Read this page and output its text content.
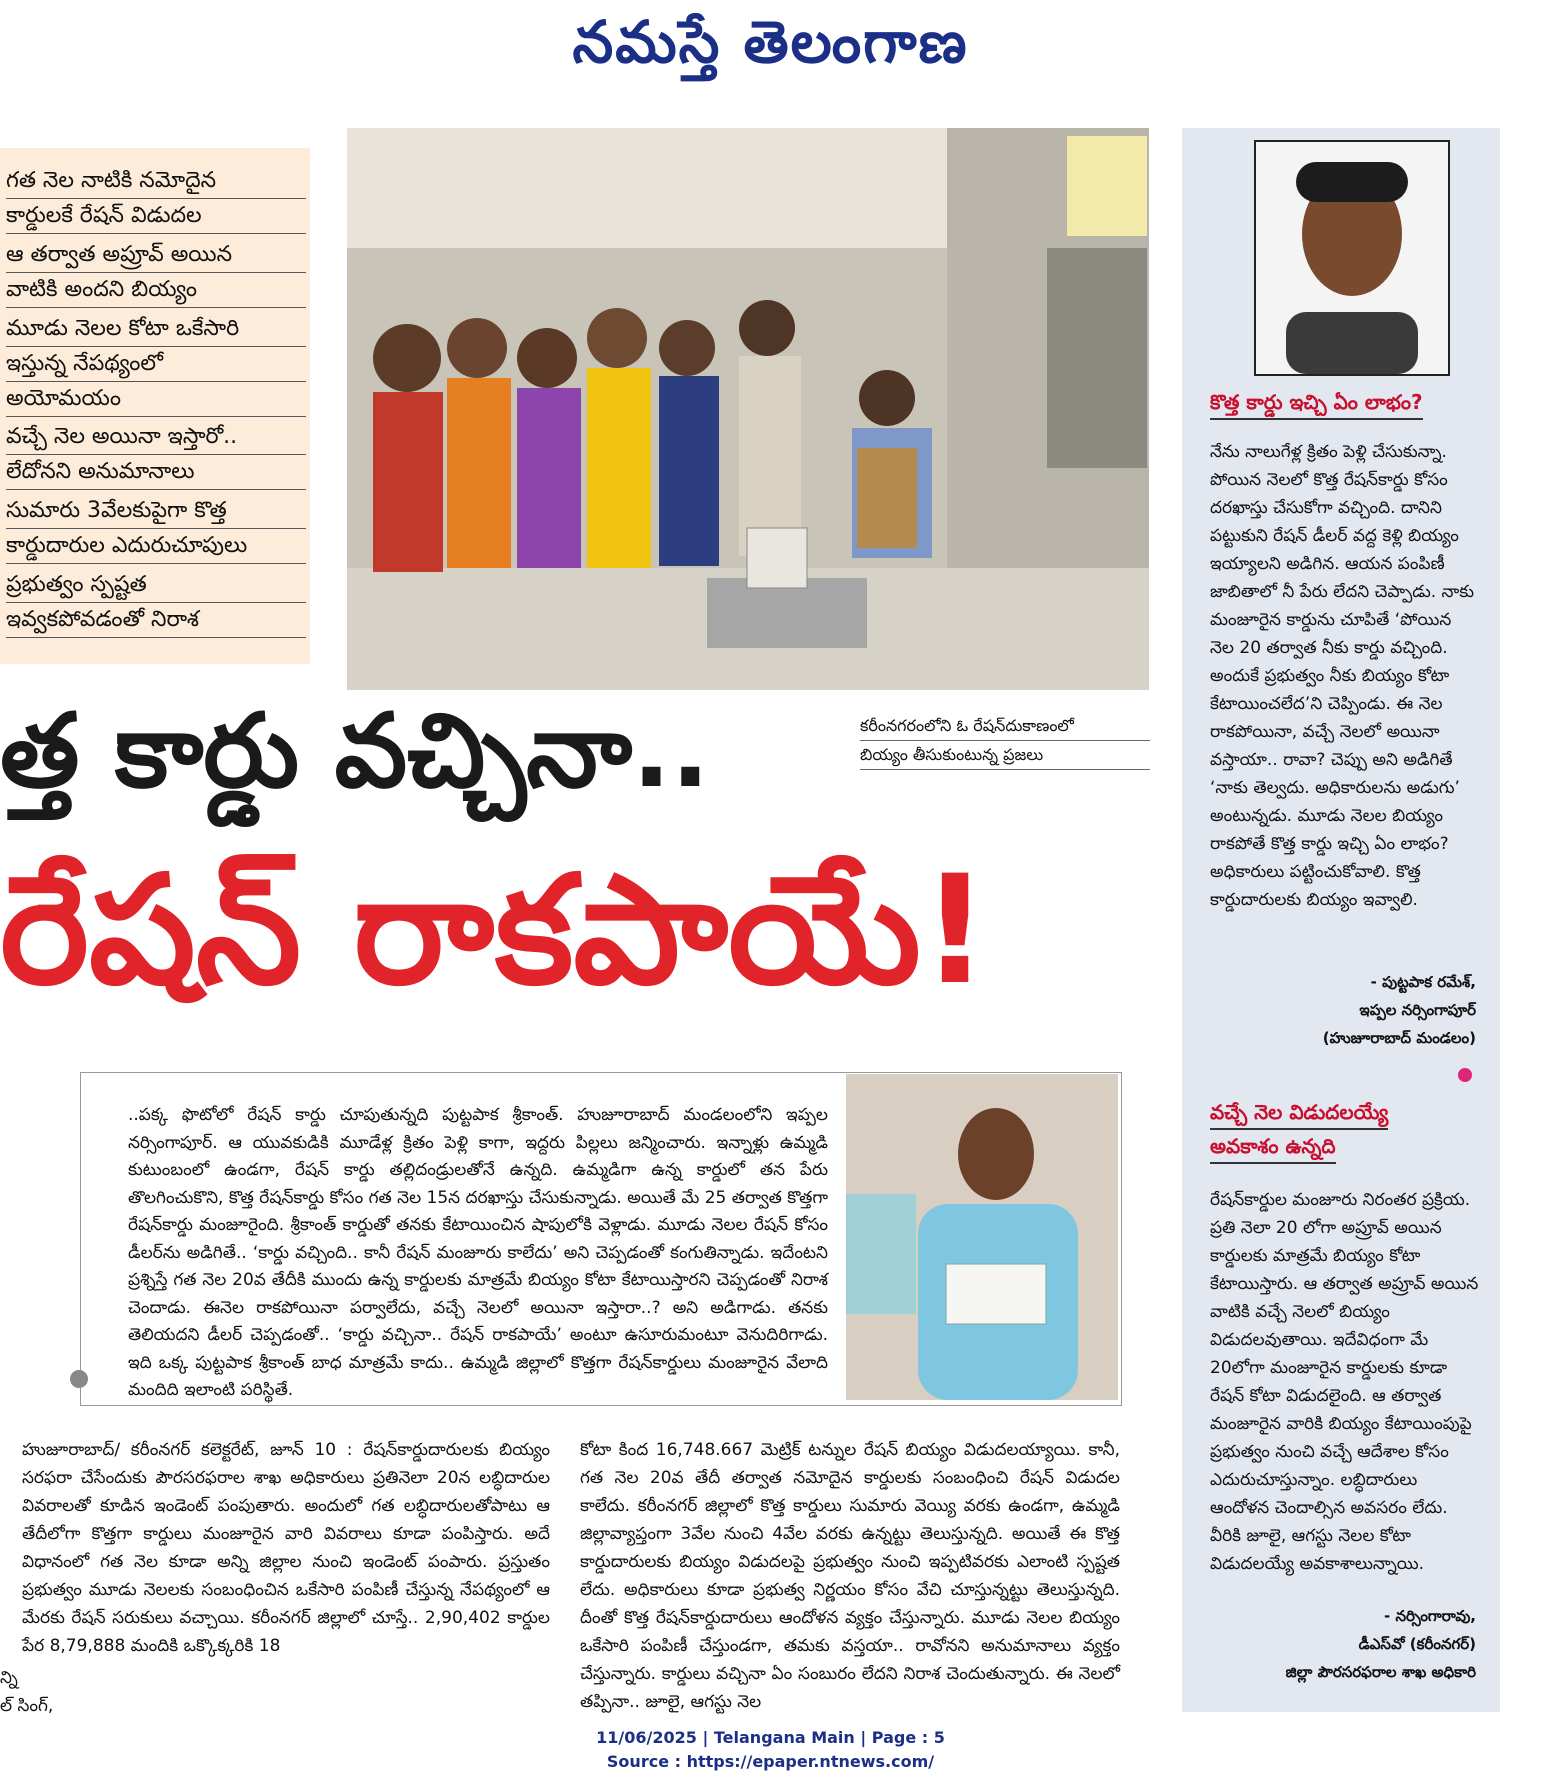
నమస్తే తెలంగాణ
గత నెల నాటికి నమోదైన
కార్డులకే రేషన్‌ విడుదల
ఆ తర్వాత అప్రూవ్‌ అయిన
వాటికి అందని బియ్యం
మూడు నెలల కోటా ఒకేసారి
ఇస్తున్న నేపథ్యంలో
అయోమయం
వచ్చే నెల అయినా ఇస్తారో..
లేదోనని అనుమానాలు
సుమారు 3వేలకుపైగా కొత్త
కార్డుదారుల ఎదురుచూపులు
ప్రభుత్వం స్పష్టత
ఇవ్వకపోవడంతో నిరాశ
కరీంనగరంలోని ఓ రేషన్‌దుకాణంలో
బియ్యం తీసుకుంటున్న ప్రజలు
త్త కార్డు వచ్చినా..
రేషన్‌ రాకపాయే!
కొత్త కార్డు ఇచ్చి ఏం లాభం?
నేను నాలుగేళ్ల క్రితం పెళ్లి చేసుకున్నా. పోయిన నెలలో కొత్త రేషన్‌కార్డు కోసం దరఖాస్తు చేసుకోగా వచ్చింది. దానిని పట్టుకుని రేషన్‌ డీలర్‌ వద్ద కెళ్లి బియ్యం ఇయ్యాలని అడిగిన. ఆయన పంపిణీ జాబితాలో నీ పేరు లేదని చెప్పాడు. నాకు మంజూరైన కార్డును చూపితే ‘పోయిన నెల 20 తర్వాత నీకు కార్డు వచ్చింది. అందుకే ప్రభుత్వం నీకు బియ్యం కోటా కేటాయించలేద’ని చెప్పిండు. ఈ నెల రాకపోయినా, వచ్చే నెలలో అయినా వస్తాయా.. రావా? చెప్పు అని అడిగితే ‘నాకు తెల్వదు. అధికారులను అడుగు’ అంటున్నడు. మూడు నెలల బియ్యం రాకపోతే కొత్త కార్డు ఇచ్చి ఏం లాభం? అధికారులు పట్టించుకోవాలి. కొత్త కార్డుదారులకు బియ్యం ఇవ్వాలి.
- పుట్టపాక రమేశ్‌,
ఇప్పల నర్సింగాపూర్‌
(హుజూరాబాద్‌ మండలం)
వచ్చే నెల విడుదలయ్యే
అవకాశం ఉన్నది
రేషన్‌కార్డుల మంజూరు నిరంతర ప్రక్రియ. ప్రతి నెలా 20 లోగా అప్రూవ్‌ అయిన కార్డులకు మాత్రమే బియ్యం కోటా కేటాయిస్తారు. ఆ తర్వాత అప్రూవ్‌ అయిన వాటికి వచ్చే నెలలో బియ్యం విడుదలవుతాయి. ఇదేవిధంగా మే 20లోగా మంజూరైన కార్డులకు కూడా రేషన్‌ కోటా విడుదలైంది. ఆ తర్వాత మంజూరైన వారికి బియ్యం కేటాయింపుపై ప్రభుత్వం నుంచి వచ్చే ఆదేశాల కోసం ఎదురుచూస్తున్నాం. లబ్ధిదారులు ఆందోళన చెందాల్సిన అవసరం లేదు. వీరికి జూలై, ఆగస్టు నెలల కోటా విడుదలయ్యే అవకాశాలున్నాయి.
- నర్సింగారావు,
డీఎస్‌వో (కరీంనగర్‌)
జిల్లా పౌరసరఫరాల శాఖ అధికారి
..పక్క ఫొటోలో రేషన్‌ కార్డు చూపుతున్నది పుట్టపాక శ్రీకాంత్‌. హుజూరాబాద్‌ మండలంలోని ఇప్పల నర్సింగాపూర్‌. ఆ యువకుడికి మూడేళ్ల క్రితం పెళ్లి కాగా, ఇద్దరు పిల్లలు జన్మించారు. ఇన్నాళ్లు ఉమ్మడి కుటుంబంలో ఉండగా, రేషన్‌ కార్డు తల్లిదండ్రులతోనే ఉన్నది. ఉమ్మడిగా ఉన్న కార్డులో తన పేరు తొలగించుకొని, కొత్త రేషన్‌కార్డు కోసం గత నెల 15న దరఖాస్తు చేసుకున్నాడు. అయితే మే 25 తర్వాత కొత్తగా రేషన్‌కార్డు మంజూరైంది. శ్రీకాంత్‌ కార్డుతో తనకు కేటాయించిన షాపులోకి వెళ్లాడు. మూడు నెలల రేషన్‌ కోసం డీలర్‌ను అడిగితే.. ‘కార్డు వచ్చింది.. కానీ రేషన్‌ మంజూరు కాలేదు’ అని చెప్పడంతో కంగుతిన్నాడు. ఇదేంటని ప్రశ్నిస్తే గత నెల 20వ తేదీకి ముందు ఉన్న కార్డులకు మాత్రమే బియ్యం కోటా కేటాయిస్తారని చెప్పడంతో నిరాశ చెందాడు. ఈనెల రాకపోయినా పర్వాలేదు, వచ్చే నెలలో అయినా ఇస్తారా..? అని అడిగాడు. తనకు తెలియదని డీలర్‌ చెప్పడంతో.. ‘కార్డు వచ్చినా.. రేషన్‌ రాకపాయే’ అంటూ ఉసూరుమంటూ వెనుదిరిగాడు. ఇది ఒక్క పుట్టపాక శ్రీకాంత్‌ బాధ మాత్రమే కాదు.. ఉమ్మడి జిల్లాలో కొత్తగా రేషన్‌కార్డులు మంజూరైన వేలాది మందిది ఇలాంటి పరిస్థితే.
హుజూరాబాద్‌/ కరీంనగర్‌ కలెక్టరేట్‌, జూన్‌ 10 : రేషన్‌కార్డుదారులకు బియ్యం సరఫరా చేసేందుకు పౌరసరఫరాల శాఖ అధికారులు ప్రతినెలా 20న లబ్ధిదారుల వివరాలతో కూడిన ఇండెంట్‌ పంపుతారు. అందులో గత లబ్ధిదారులతోపాటు ఆ తేదీలోగా కొత్తగా కార్డులు మంజూరైన వారి వివరాలు కూడా పంపిస్తారు. అదే విధానంలో గత నెల కూడా అన్ని జిల్లాల నుంచి ఇండెంట్‌ పంపారు. ప్రస్తుతం ప్రభుత్వం మూడు నెలలకు సంబంధించిన ఒకేసారి పంపిణీ చేస్తున్న నేపథ్యంలో ఆ మేరకు రేషన్‌ సరుకులు వచ్చాయి. కరీంనగర్‌ జిల్లాలో చూస్తే.. 2,90,402 కార్డుల పేర 8,79,888 మందికి ఒక్కొక్కరికి 18
కోటా కింద 16,748.667 మెట్రిక్‌ టన్నుల రేషన్‌ బియ్యం విడుదలయ్యాయి. కానీ, గత నెల 20వ తేదీ తర్వాత నమోదైన కార్డులకు సంబంధించి రేషన్‌ విడుదల కాలేదు. కరీంనగర్‌ జిల్లాలో కొత్త కార్డులు సుమారు వెయ్యి వరకు ఉండగా, ఉమ్మడి జిల్లావ్యాప్తంగా 3వేల నుంచి 4వేల వరకు ఉన్నట్టు తెలుస్తున్నది. అయితే ఈ కొత్త కార్డుదారులకు బియ్యం విడుదలపై ప్రభుత్వం నుంచి ఇప్పటివరకు ఎలాంటి స్పష్టత లేదు. అధికారులు కూడా ప్రభుత్వ నిర్ణయం కోసం వేచి చూస్తున్నట్టు తెలుస్తున్నది. దీంతో కొత్త రేషన్‌కార్డుదారులు ఆందోళన వ్యక్తం చేస్తున్నారు. మూడు నెలల బియ్యం ఒకేసారి పంపిణీ చేస్తుండగా, తమకు వస్తయా.. రావోనని అనుమానాలు వ్యక్తం చేస్తున్నారు. కార్డులు వచ్చినా ఏం సంబురం లేదని నిరాశ చెందుతున్నారు. ఈ నెలలో తప్పినా.. జూలై, ఆగస్టు నెల
న్ని
ల్‌ సింగ్‌,
11/06/2025 | Telangana Main | Page : 5
Source : https://epaper.ntnews.com/
